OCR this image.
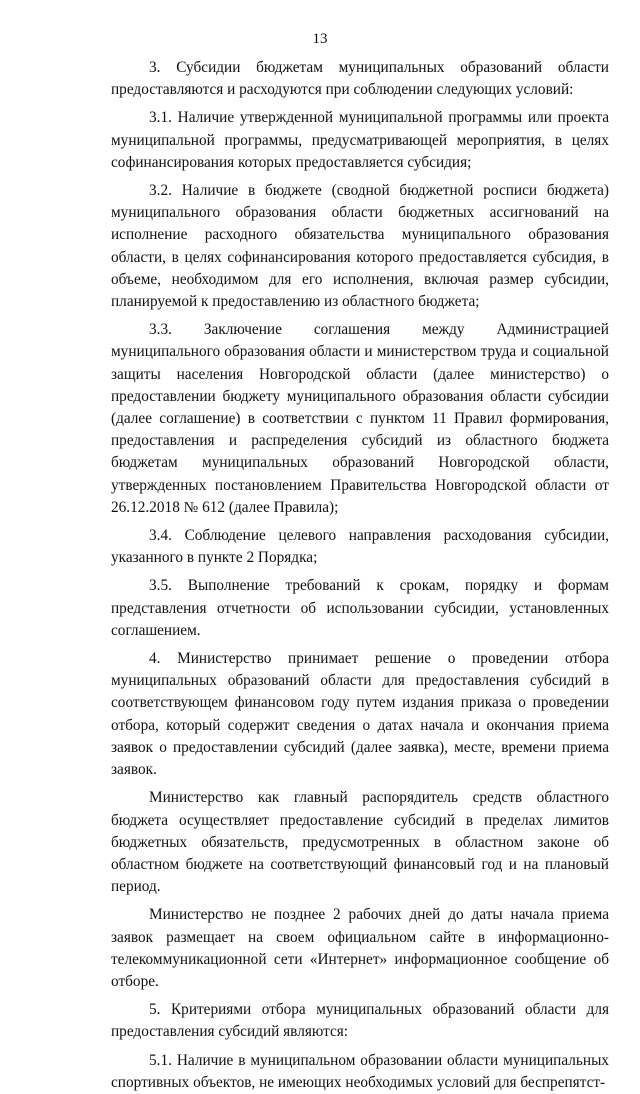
13

3. Субсидии бюджетам муниципальных образований области предоставляются и расходуются при соблюдении следующих условий:

3.1. Наличие утвержденной муниципальной программы или проекта муниципальной программы, предусматривающей мероприятия, в целях софинансирования которых предоставляется субсидия;

3.2. Наличие в бюджете (сводной бюджетной росписи бюджета) муниципального образования области бюджетных ассигнований на исполнение расходного обязательства муниципального образования области, в целях софинансирования которого предоставляется субсидия, в объеме, необходимом для его исполнения, включая размер субсидии, планируемой к предоставлению из областного бюджета;

3.3. Заключение соглашения между Администрацией муниципального образования области и министерством труда и социальной защиты населения Новгородской области (далее министерство) о предоставлении бюджету муниципального образования области субсидии (далее соглашение) в соответствии с пунктом 11 Правил формирования, предоставления и распределения субсидий из областного бюджета бюджетам муниципальных образований Новгородской области, утвержденных постановлением Правительства Новгородской области от 26.12.2018 № 612 (далее Правила);

3.4. Соблюдение целевого направления расходования субсидии, указанного в пункте 2 Порядка;

3.5. Выполнение требований к срокам, порядку и формам представления отчетности об использовании субсидии, установленных соглашением.

4. Министерство принимает решение о проведении отбора муниципальных образований области для предоставления субсидий в соответствующем финансовом году путем издания приказа о проведении отбора, который содержит сведения о датах начала и окончания приема заявок о предоставлении субсидий (далее заявка), месте, времени приема заявок.

Министерство как главный распорядитель средств областного бюджета осуществляет предоставление субсидий в пределах лимитов бюджетных обязательств, предусмотренных в областном законе об областном бюджете на соответствующий финансовый год и на плановый период.

Министерство не позднее 2 рабочих дней до даты начала приема заявок размещает на своем официальном сайте в информационно-телекоммуникационной сети «Интернет» информационное сообщение об отборе.

5. Критериями отбора муниципальных образований области для предоставления субсидий являются:

5.1. Наличие в муниципальном образовании области муниципальных спортивных объектов, не имеющих необходимых условий для беспрепятст-
